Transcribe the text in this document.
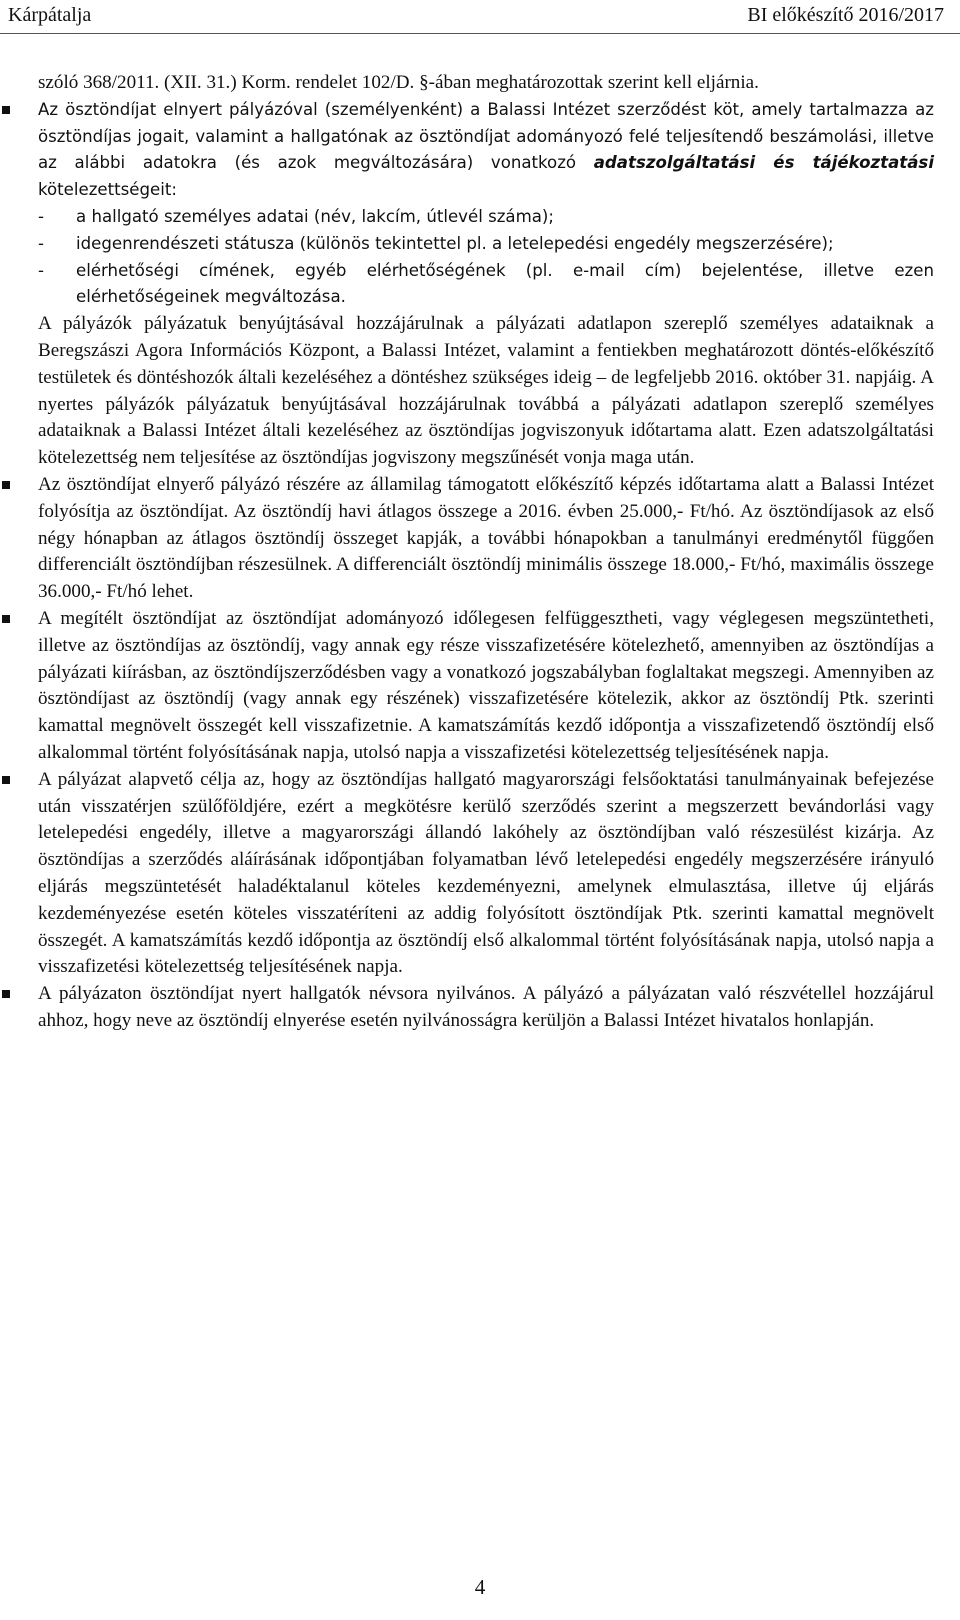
Kárpátalja	BI előkészítő 2016/2017

szóló 368/2011. (XII. 31.) Korm. rendelet 102/D. §-ában meghatározottak szerint kell eljárnia.

Az ösztöndíjat elnyert pályázóval (személyenként) a Balassi Intézet szerződést köt, amely tartalmazza az ösztöndíjas jogait, valamint a hallgatónak az ösztöndíjat adományozó felé teljesítendő beszámolási, illetve az alábbi adatokra (és azok megváltozására) vonatkozó adatszolgáltatási és tájékoztatási kötelezettségeit:

- a hallgató személyes adatai (név, lakcím, útlevél száma);
- idegenrendészeti státusza (különös tekintettel pl. a letelepedési engedély megszerzésére);
- elérhetőségi címének, egyéb elérhetőségének (pl. e-mail cím) bejelentése, illetve ezen elérhetőségeinek megváltozása.

A pályázók pályázatuk benyújtásával hozzájárulnak a pályázati adatlapon szereplő személyes adataiknak a Beregszászi Agora Információs Központ, a Balassi Intézet, valamint a fentiekben meghatározott döntés-előkészítő testületek és döntéshozók általi kezeléséhez a döntéshez szükséges ideig – de legfeljebb 2016. október 31. napjáig. A nyertes pályázók pályázatuk benyújtásával hozzájárulnak továbbá a pályázati adatlapon szereplő személyes adataiknak a Balassi Intézet általi kezeléséhez az ösztöndíjas jogviszonyuk időtartama alatt. Ezen adatszolgáltatási kötelezettség nem teljesítése az ösztöndíjas jogviszony megszűnését vonja maga után.

Az ösztöndíjat elnyerő pályázó részére az államilag támogatott előkészítő képzés időtartama alatt a Balassi Intézet folyósítja az ösztöndíjat. Az ösztöndíj havi átlagos összege a 2016. évben 25.000,- Ft/hó. Az ösztöndíjasok az első négy hónapban az átlagos ösztöndíj összeget kapják, a további hónapokban a tanulmányi eredménytől függően differenciált ösztöndíjban részesülnek. A differenciált ösztöndíj minimális összege 18.000,- Ft/hó, maximális összege 36.000,- Ft/hó lehet.

A megítélt ösztöndíjat az ösztöndíjat adományozó időlegesen felfüggesztheti, vagy véglegesen megszüntetheti, illetve az ösztöndíjas az ösztöndíj, vagy annak egy része visszafizetésére kötelezhető, amennyiben az ösztöndíjas a pályázati kiírásban, az ösztöndíjszerződésben vagy a vonatkozó jogszabályban foglaltakat megszegi. Amennyiben az ösztöndíjast az ösztöndíj (vagy annak egy részének) visszafizetésére kötelezik, akkor az ösztöndíj Ptk. szerinti kamattal megnövelt összegét kell visszafizetnie. A kamatszámítás kezdő időpontja a visszafizetendő ösztöndíj első alkalommal történt folyósításának napja, utolsó napja a visszafizetési kötelezettség teljesítésének napja.

A pályázat alapvető célja az, hogy az ösztöndíjas hallgató magyarországi felsőoktatási tanulmányainak befejezése után visszatérjen szülőföldjére, ezért a megkötésre kerülő szerződés szerint a megszerzett bevándorlási vagy letelepedési engedély, illetve a magyarországi állandó lakóhely az ösztöndíjban való részesülést kizárja. Az ösztöndíjas a szerződés aláírásának időpontjában folyamatban lévő letelepedési engedély megszerzésére irányuló eljárás megszüntetését haladéktalanul köteles kezdeményezni, amelynek elmulasztása, illetve új eljárás kezdeményezése esetén köteles visszatéríteni az addig folyósított ösztöndíjak Ptk. szerinti kamattal megnövelt összegét. A kamatszámítás kezdő időpontja az ösztöndíj első alkalommal történt folyósításának napja, utolsó napja a visszafizetési kötelezettség teljesítésének napja.

A pályázaton ösztöndíjat nyert hallgatók névsora nyilvános. A pályázó a pályázatan való részvétellel hozzájárul ahhoz, hogy neve az ösztöndíj elnyerése esetén nyilvánosságra kerüljön a Balassi Intézet hivatalos honlapján.

4
